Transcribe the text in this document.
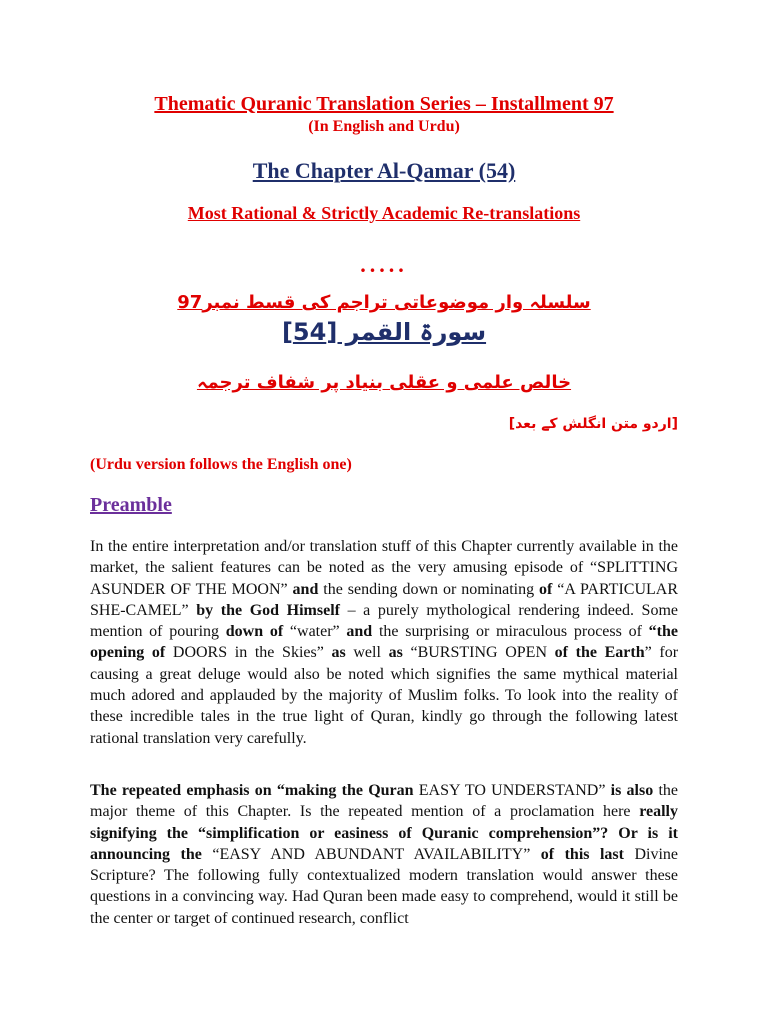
Thematic Quranic Translation Series – Installment 97
(In English and Urdu)
The Chapter Al-Qamar (54)
Most Rational & Strictly Academic Re-translations
.....
سلسلہ وار موضوعاتی تراجم کی قسط نمبر97
سورۃ القمر [54]
خالص علمی و عقلی بنیاد پر شفاف ترجمہ
[اردو متن انگلش کے بعد]
(Urdu version follows the English one)
Preamble
In the entire interpretation and/or translation stuff of this Chapter currently available in the market, the salient features can be noted as the very amusing episode of “SPLITTING ASUNDER OF THE MOON” and the sending down or nominating of “A PARTICULAR SHE-CAMEL” by the God Himself – a purely mythological rendering indeed. Some mention of pouring down of “water” and the surprising or miraculous process of “the opening of DOORS in the Skies” as well as “BURSTING OPEN of the Earth” for causing a great deluge would also be noted which signifies the same mythical material much adored and applauded by the majority of Muslim folks. To look into the reality of these incredible tales in the true light of Quran, kindly go through the following latest rational translation very carefully.
The repeated emphasis on “making the Quran EASY TO UNDERSTAND” is also the major theme of this Chapter. Is the repeated mention of a proclamation here really signifying the “simplification or easiness of Quranic comprehension”? Or is it announcing the “EASY AND ABUNDANT AVAILABILITY” of this last Divine Scripture? The following fully contextualized modern translation would answer these questions in a convincing way. Had Quran been made easy to comprehend, would it still be the center or target of continued research, conflict
